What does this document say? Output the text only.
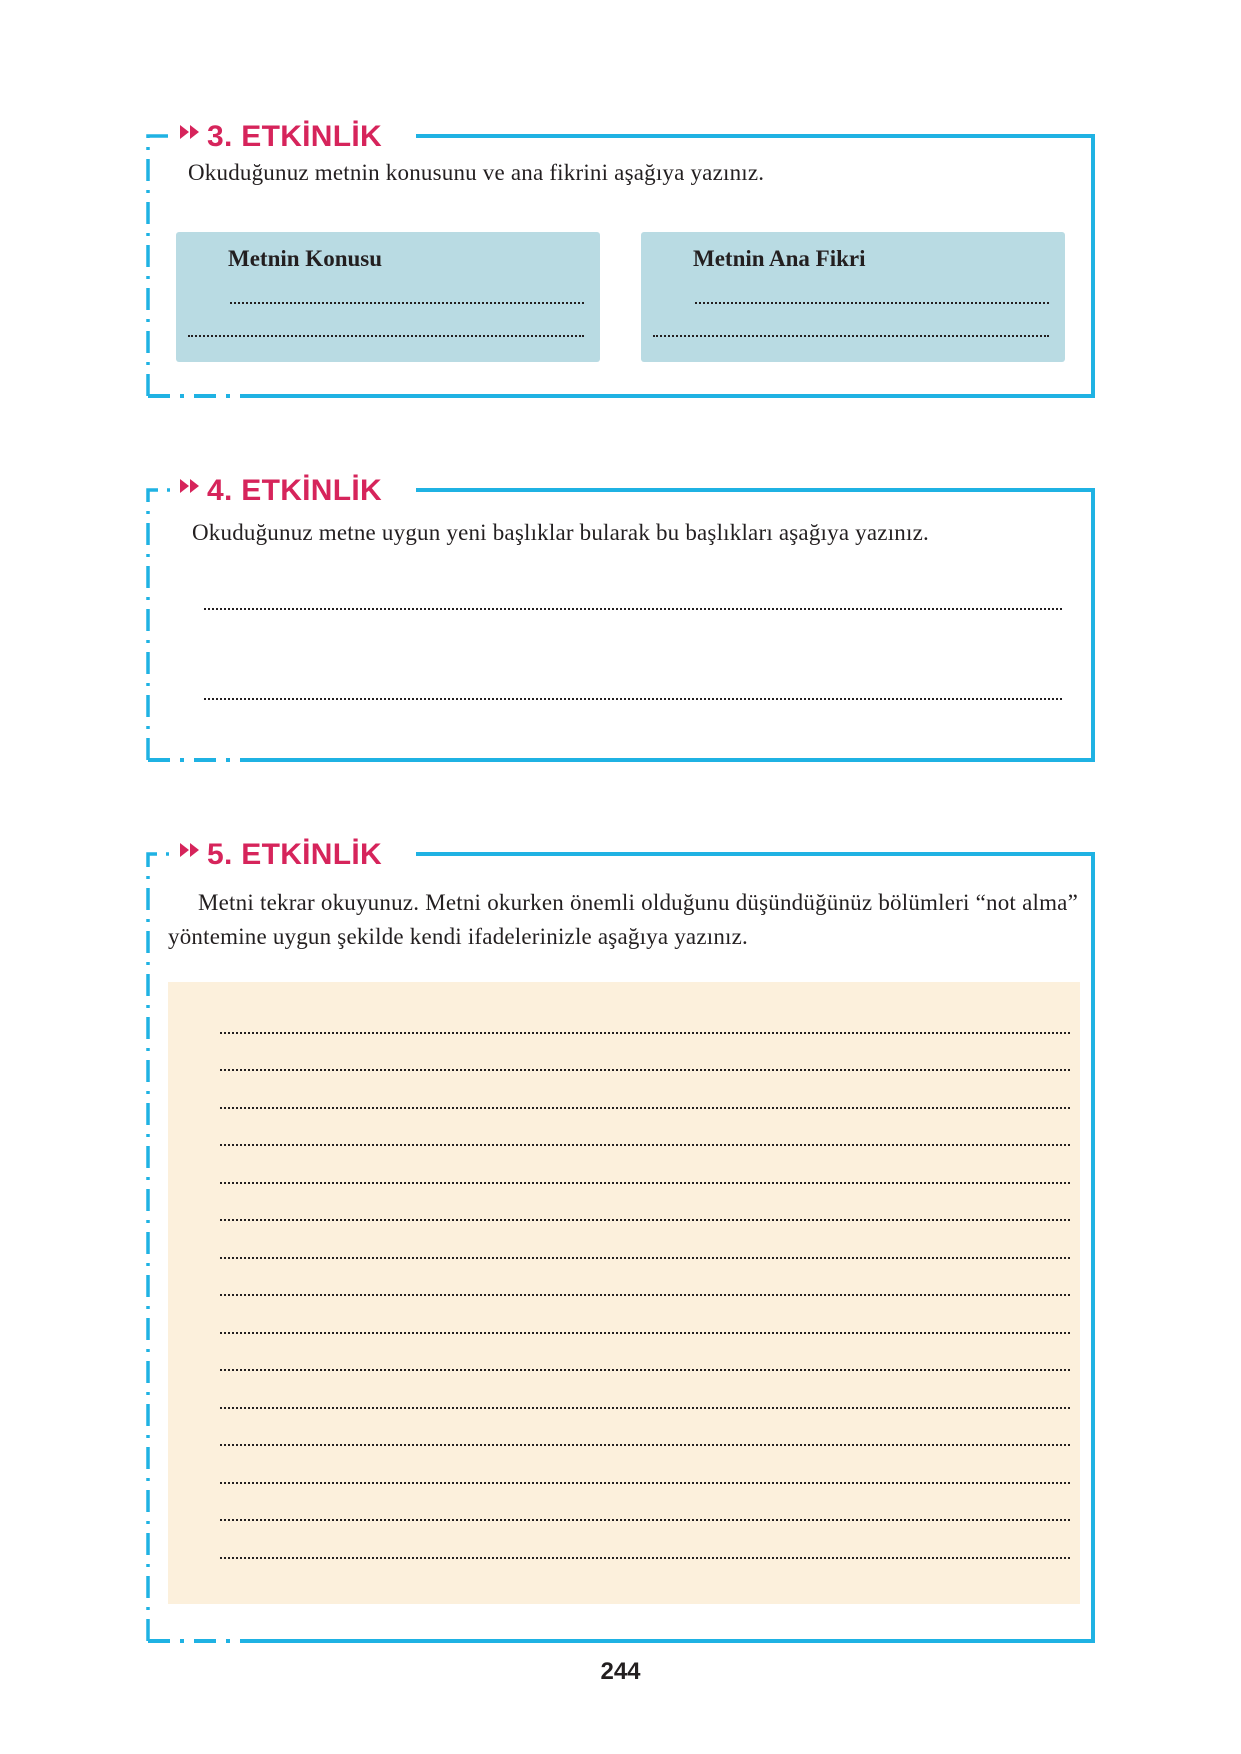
3. ETKİNLİK

Okuduğunuz metnin konusunu ve ana fikrini aşağıya yazınız.

Metnin Konusu	Metnin Ana Fikri
4. ETKİNLİK

Okuduğunuz metne uygun yeni başlıklar bularak bu başlıkları aşağıya yazınız.

5. ETKİNLİK

Metni tekrar okuyunuz. Metni okurken önemli olduğunu düşündüğünüz bölümleri “not alma” yöntemine uygun şekilde kendi ifadelerinizle aşağıya yazınız.

244
